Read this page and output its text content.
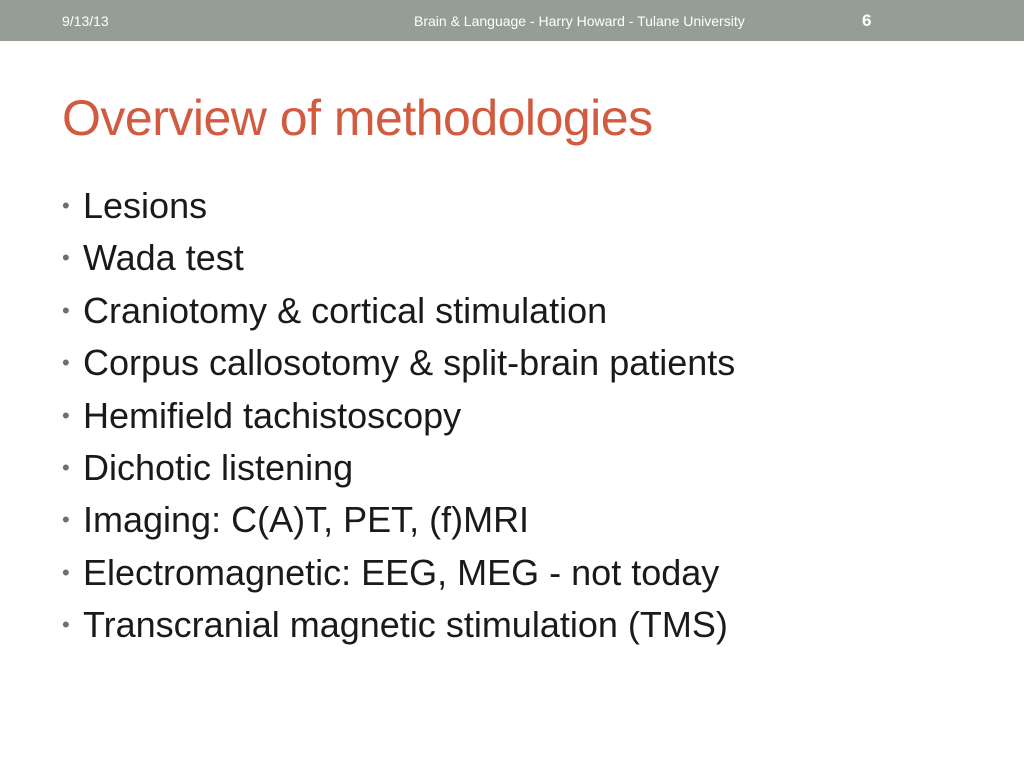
9/13/13	Brain & Language - Harry Howard - Tulane University	6
Overview of methodologies
• Lesions
• Wada test
• Craniotomy & cortical stimulation
• Corpus callosotomy & split-brain patients
• Hemifield tachistoscopy
• Dichotic listening
• Imaging: C(A)T, PET, (f)MRI
• Electromagnetic: EEG, MEG - not today
• Transcranial magnetic stimulation (TMS)
